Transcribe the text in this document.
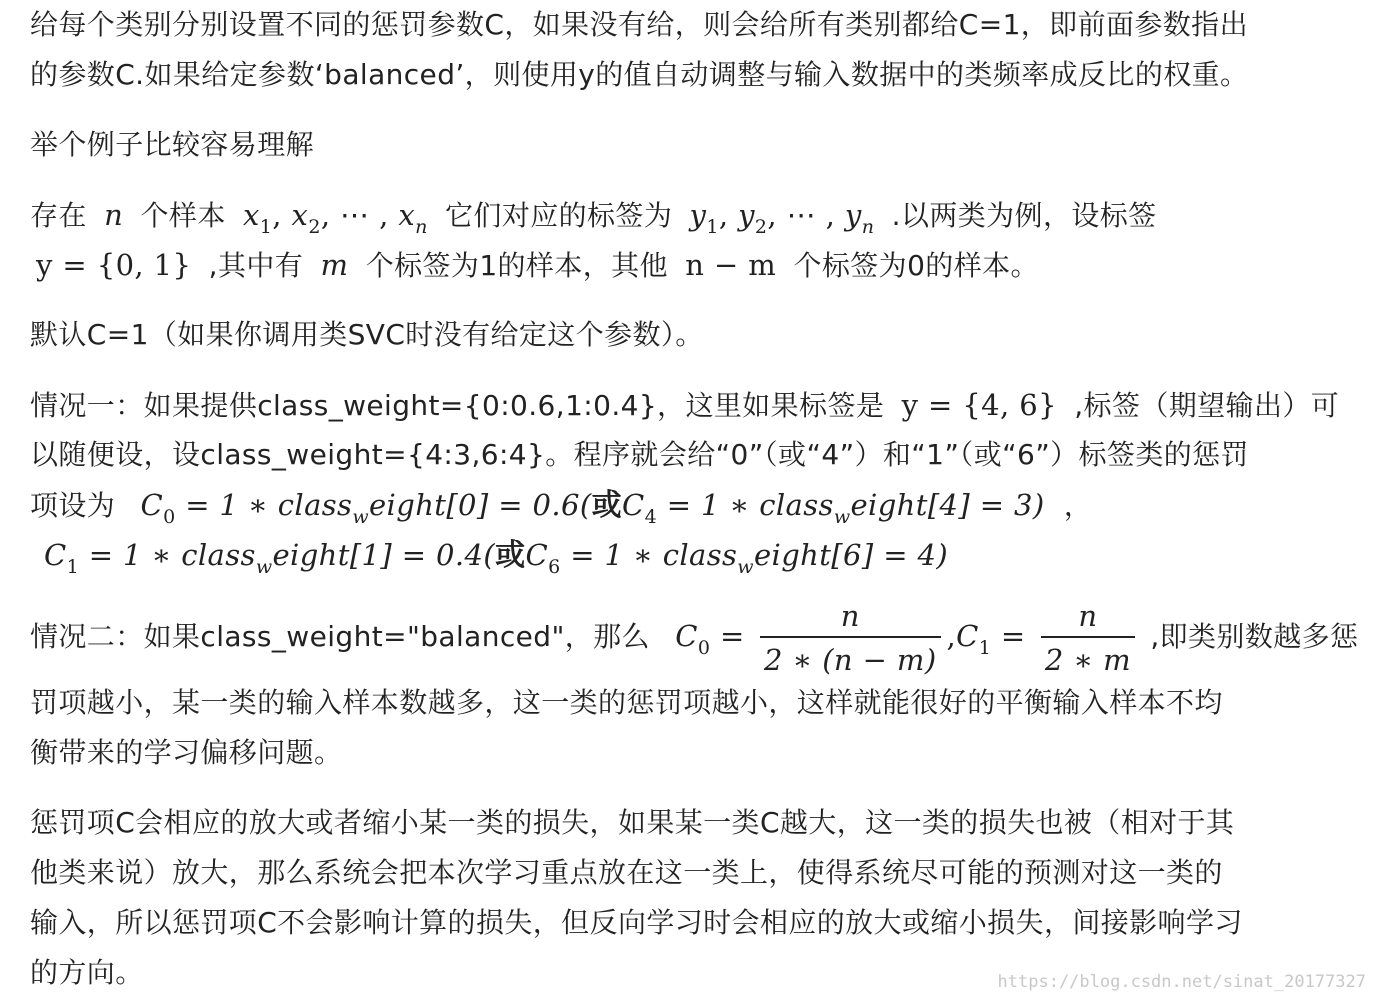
给每个类别分别设置不同的惩罚参数C，如果没有给，则会给所有类别都给C=1，即前面参数指出
的参数C.如果给定参数‘balanced’，则使用y的值自动调整与输入数据中的类频率成反比的权重。
举个例子比较容易理解
存在 n 个样本 $x_1$, $x_2$, ⋯ , $x_n$ 它们对应的标签为 $y_1$, $y_2$, ⋯ , $y_n$ .以两类为例，设标签
y = {0, 1} ,其中有 m 个标签为1的样本，其他 n − m 个标签为0的样本。
默认C=1（如果你调用类SVC时没有给定这个参数）。
情况一：如果提供class_weight={0:0.6,1:0.4}，这里如果标签是 y = {4, 6} ,标签（期望输出）可
以随便设，设class_weight={4:3,6:4}。程序就会给“0”（或“4”）和“1”（或“6”）标签类的惩罚
项设为 $C_0 = 1$ ∗ class$_w$eight[0] = 0.6(或$C_4 = 1$ ∗ class$_w$eight[4] = 3) ，
$C_1 = 1$ ∗ class$_w$eight[1] = 0.4(或$C_6 = 1$ ∗ class$_w$eight[6] = 4)
情况二：如果class_weight="balanced"，那么 $C_0 = \frac{n}{2 ∗ (n - m)} ,C_1 = \frac{n}{2 ∗ m}$ ,即类别数越多惩
罚项越小，某一类的输入样本数越多，这一类的惩罚项越小，这样就能很好的平衡输入样本不均
衡带来的学习偏移问题。
惩罚项C会相应的放大或者缩小某一类的损失，如果某一类C越大，这一类的损失也被（相对于其
他类来说）放大，那么系统会把本次学习重点放在这一类上，使得系统尽可能的预测对这一类的
输入，所以惩罚项C不会影响计算的损失，但反向学习时会相应的放大或缩小损失，间接影响学习
的方向。	https://blog.csdn.net/sinat_20177327
